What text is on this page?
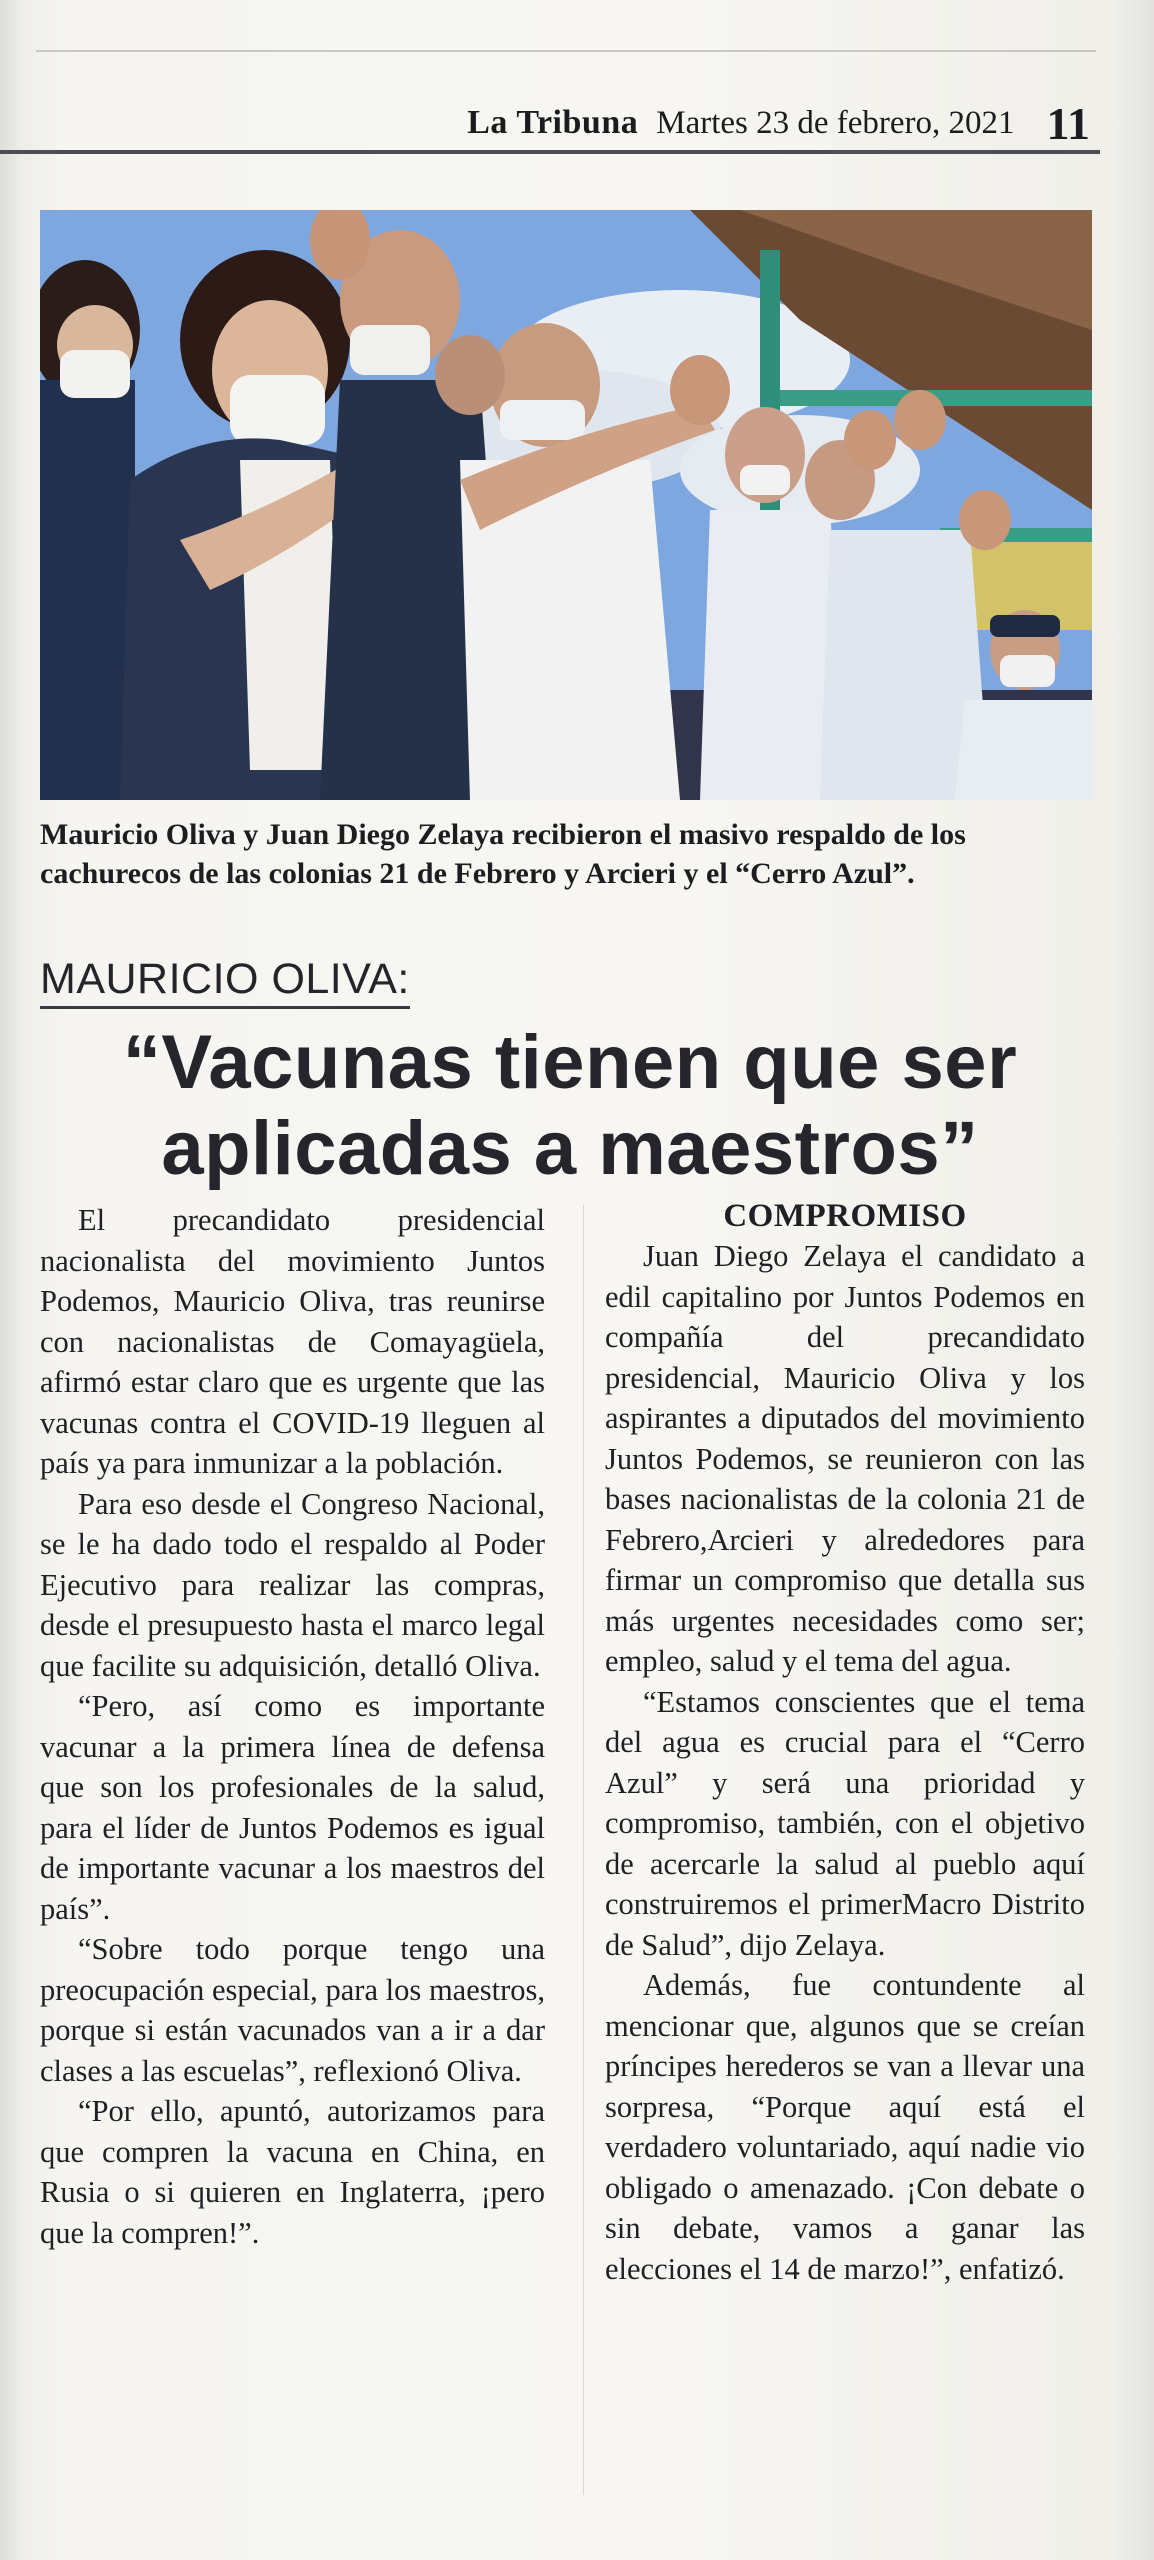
La Tribuna Martes 23 de febrero, 2021 11
Mauricio Oliva y Juan Diego Zelaya recibieron el masivo respaldo de los cachurecos de las colonias 21 de Febrero y Arcieri y el “Cerro Azul”.
MAURICIO OLIVA:
“Vacunas tienen que ser aplicadas a maestros”

El precandidato presidencial nacionalista del movimiento Juntos Podemos, Mauricio Oliva, tras reunirse con nacionalistas de Comayagüela, afirmó estar claro que es urgente que las vacunas contra el COVID-19 lleguen al país ya para inmunizar a la población.

Para eso desde el Congreso Nacional, se le ha dado todo el respaldo al Poder Ejecutivo para realizar las compras, desde el presupuesto hasta el marco legal que facilite su adquisición, detalló Oliva.

“Pero, así como es importante vacunar a la primera línea de defensa que son los profesionales de la salud, para el líder de Juntos Podemos es igual de importante vacunar a los maestros del país”.

“Sobre todo porque tengo una preocupación especial, para los maestros, porque si están vacunados van a ir a dar clases a las escuelas”, reflexionó Oliva.

“Por ello, apuntó, autorizamos para que compren la vacuna en China, en Rusia o si quieren en Inglaterra, ¡pero que la compren!”.

COMPROMISO

Juan Diego Zelaya el candidato a edil capitalino por Juntos Podemos en compañía del precandidato presidencial, Mauricio Oliva y los aspirantes a diputados del movimiento Juntos Podemos, se reunieron con las bases nacionalistas de la colonia 21 de Febrero,Arcieri y alrededores para firmar un compromiso que detalla sus más urgentes necesidades como ser; empleo, salud y el tema del agua.

“Estamos conscientes que el tema del agua es crucial para el “Cerro Azul” y será una prioridad y compromiso, también, con el objetivo de acercarle la salud al pueblo aquí construiremos el primerMacro Distrito de Salud”, dijo Zelaya.

Además, fue contundente al mencionar que, algunos que se creían príncipes herederos se van a llevar una sorpresa, “Porque aquí está el verdadero voluntariado, aquí nadie vio obligado o amenazado. ¡Con debate o sin debate, vamos a ganar las elecciones el 14 de marzo!”, enfatizó.
